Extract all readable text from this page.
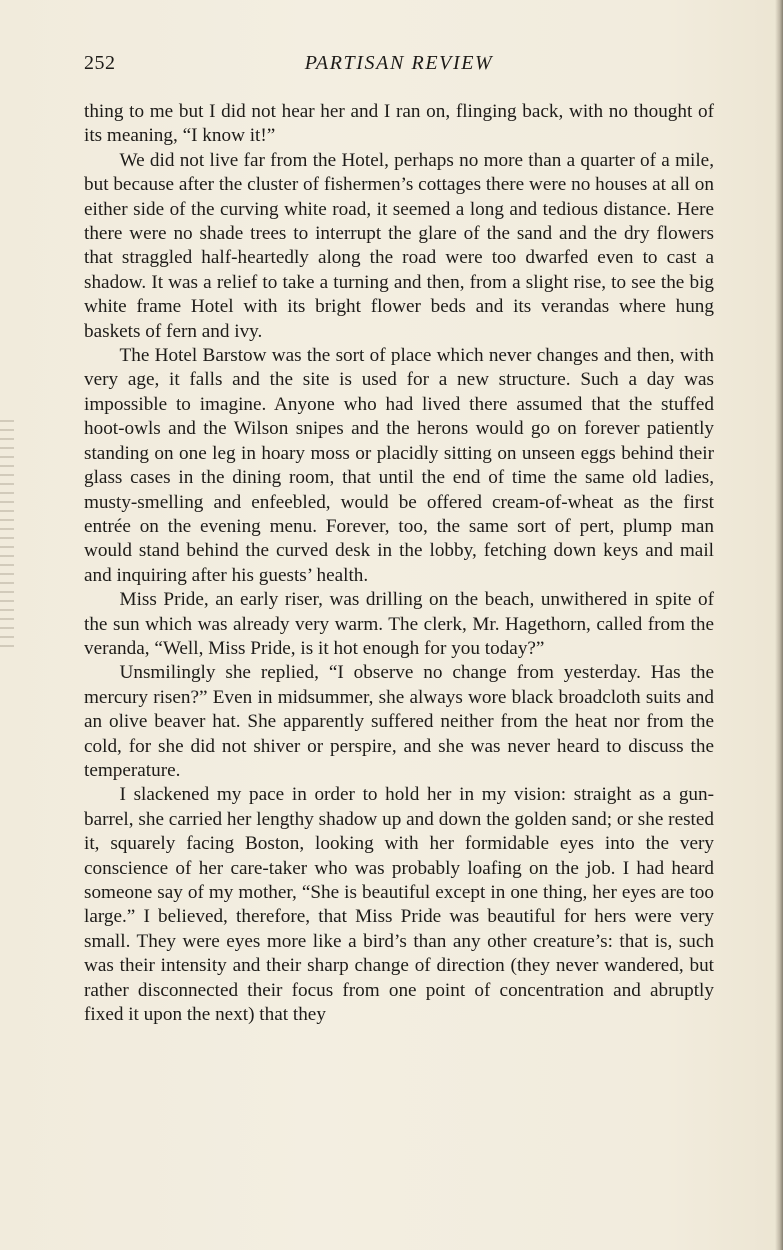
252	PARTISAN REVIEW

thing to me but I did not hear her and I ran on, flinging back, with no thought of its meaning, “I know it!”

We did not live far from the Hotel, perhaps no more than a quarter of a mile, but because after the cluster of fishermen’s cottages there were no houses at all on either side of the curving white road, it seemed a long and tedious distance. Here there were no shade trees to interrupt the glare of the sand and the dry flowers that straggled half-heartedly along the road were too dwarfed even to cast a shadow. It was a relief to take a turning and then, from a slight rise, to see the big white frame Hotel with its bright flower beds and its verandas where hung baskets of fern and ivy.

The Hotel Barstow was the sort of place which never changes and then, with very age, it falls and the site is used for a new structure. Such a day was impossible to imagine. Anyone who had lived there assumed that the stuffed hoot-owls and the Wilson snipes and the herons would go on forever patiently standing on one leg in hoary moss or placidly sitting on unseen eggs behind their glass cases in the dining room, that until the end of time the same old ladies, musty-smelling and enfeebled, would be offered cream-of-wheat as the first entrée on the evening menu. Forever, too, the same sort of pert, plump man would stand behind the curved desk in the lobby, fetching down keys and mail and inquiring after his guests’ health.

Miss Pride, an early riser, was drilling on the beach, unwithered in spite of the sun which was already very warm. The clerk, Mr. Hagethorn, called from the veranda, “Well, Miss Pride, is it hot enough for you today?”

Unsmilingly she replied, “I observe no change from yesterday. Has the mercury risen?” Even in midsummer, she always wore black broadcloth suits and an olive beaver hat. She apparently suffered neither from the heat nor from the cold, for she did not shiver or perspire, and she was never heard to discuss the temperature.

I slackened my pace in order to hold her in my vision: straight as a gun-barrel, she carried her lengthy shadow up and down the golden sand; or she rested it, squarely facing Boston, looking with her formidable eyes into the very conscience of her care-taker who was probably loafing on the job. I had heard someone say of my mother, “She is beautiful except in one thing, her eyes are too large.” I believed, therefore, that Miss Pride was beautiful for hers were very small. They were eyes more like a bird’s than any other creature’s: that is, such was their intensity and their sharp change of direction (they never wandered, but rather disconnected their focus from one point of concentration and abruptly fixed it upon the next) that they
